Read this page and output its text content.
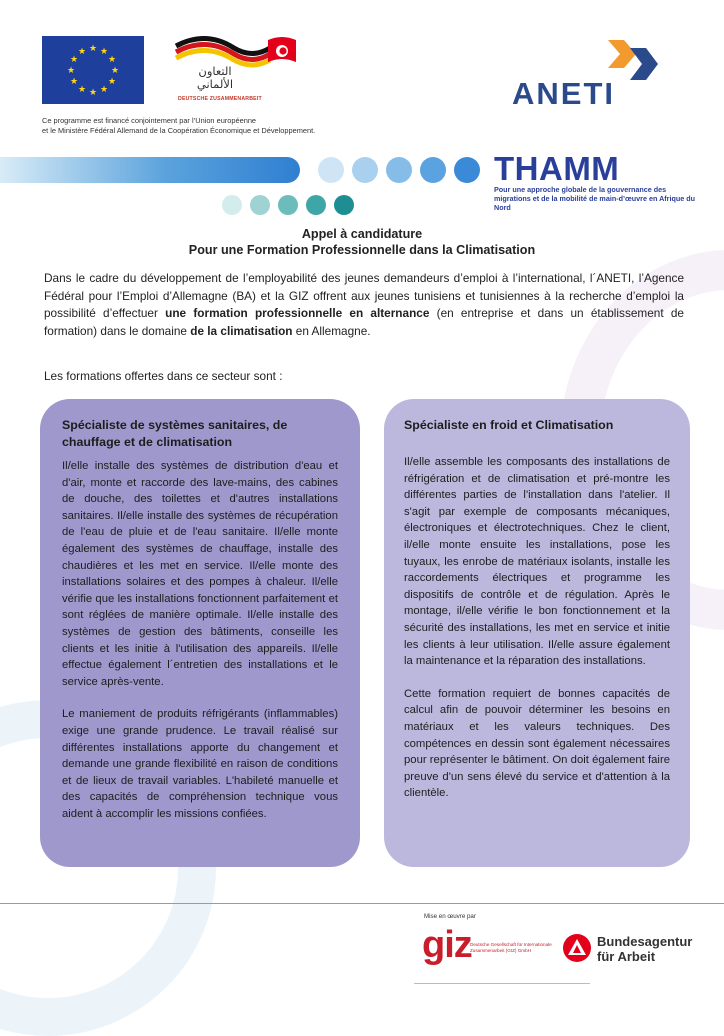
★ ★
★
★
★
★
★
★
★
★
★
★
التعاون
الألماني
DEUTSCHE ZUSAMMENARBEIT
Ce programme est financé conjointement par l’Union européenne
et le Ministère Fédéral Allemand de la Coopération Économique et Développement.
ANETI
THAMM
Pour une approche globale de la gouvernance des migrations et de la mobilité de main-d’œuvre en Afrique du Nord
Appel à candidature
Pour une Formation Professionnelle dans la Climatisation
Dans le cadre du développement de l’employabilité des jeunes demandeurs d’emploi à l’international, l´ANETI, l’Agence Fédéral pour l’Emploi d’Allemagne (BA) et la GIZ offrent aux jeunes tunisiens et tunisiennes à la recherche d’emploi la possibilité d’effectuer une formation professionnelle en alternance (en entreprise et dans un établissement de formation) dans le domaine de la climatisation en Allemagne.
Les formations offertes dans ce secteur sont :
Spécialiste de systèmes sanitaires, de chauffage et de climatisation

Il/elle installe des systèmes de distribution d'eau et d'air, monte et raccorde des lave-mains, des cabines de douche, des toilettes et d'autres installations sanitaires. Il/elle installe des systèmes de récupération de l'eau de pluie et de l'eau sanitaire. Il/elle monte également des systèmes de chauffage, installe des chaudières et les met en service. Il/elle monte des installations solaires et des pompes à chaleur. Il/elle vérifie que les installations fonctionnent parfaitement et sont réglées de manière optimale. Il/elle installe des systèmes de gestion des bâtiments, conseille les clients et les initie à l'utilisation des appareils. Il/elle effectue également l´entretien des installations et le service après-vente.

Le maniement de produits réfrigérants (inflammables) exige une grande prudence. Le travail réalisé sur différentes installations apporte du changement et demande une grande flexibilité en raison de conditions et de lieux de travail variables. L'habileté manuelle et des capacités de compréhension technique vous aident à accomplir les missions confiées.

Spécialiste en froid et Climatisation

Il/elle assemble les composants des installations de réfrigération et de climatisation et pré-montre les différentes parties de l'installation dans l'atelier. Il s'agit par exemple de composants mécaniques, électroniques et électrotechniques. Chez le client, il/elle monte ensuite les installations, pose les tuyaux, les enrobe de matériaux isolants, installe les raccordements électriques et programme les dispositifs de contrôle et de régulation. Après le montage, il/elle vérifie le bon fonctionnement et la sécurité des installations, les met en service et initie les clients à leur utilisation. Il/elle assure également la maintenance et la réparation des installations.

Cette formation requiert de bonnes capacités de calcul afin de pouvoir déterminer les besoins en matériaux et les valeurs techniques. Des compétences en dessin sont également nécessaires pour représenter le bâtiment. On doit également faire preuve d'un sens élevé du service et d'attention à la clientèle.

Mise en œuvre par
giz
Deutsche Gesellschaft für Internationale Zusammenarbeit (GIZ) GmbH
Bundesagentur
für Arbeit
